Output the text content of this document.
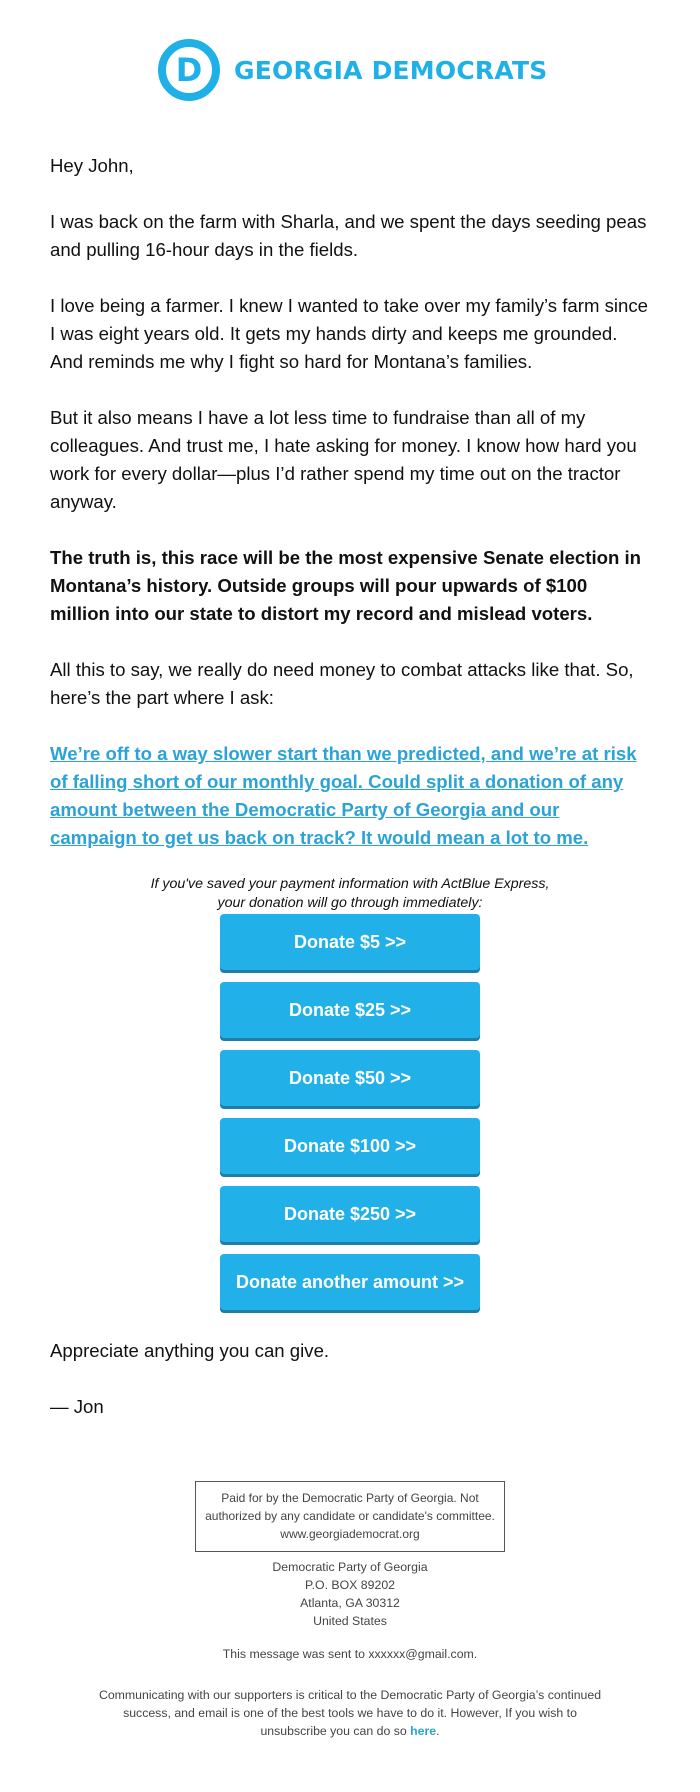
D GEORGIA DEMOCRATS

Hey John,

I was back on the farm with Sharla, and we spent the days seeding peas and pulling 16-hour days in the fields.

I love being a farmer. I knew I wanted to take over my family’s farm since I was eight years old. It gets my hands dirty and keeps me grounded. And reminds me why I fight so hard for Montana’s families.

But it also means I have a lot less time to fundraise than all of my colleagues. And trust me, I hate asking for money. I know how hard you work for every dollar—plus I’d rather spend my time out on the tractor anyway.

The truth is, this race will be the most expensive Senate election in Montana’s history. Outside groups will pour upwards of $100 million into our state to distort my record and mislead voters.

All this to say, we really do need money to combat attacks like that. So, here’s the part where I ask:

We’re off to a way slower start than we predicted, and we’re at risk of falling short of our monthly goal. Could split a donation of any amount between the Democratic Party of Georgia and our campaign to get us back on track? It would mean a lot to me.

If you've saved your payment information with ActBlue Express,
your donation will go through immediately:
Donate $5 >>
Donate $25 >>
Donate $50 >>
Donate $100 >>
Donate $250 >>
Donate another amount >>
Appreciate anything you can give.
— Jon
Paid for by the Democratic Party of Georgia. Not
authorized by any candidate or candidate's committee.
www.georgiademocrat.org
Democratic Party of Georgia
P.O. BOX 89202
Atlanta, GA 30312
United States
This message was sent to xxxxxx@gmail.com.
Communicating with our supporters is critical to the Democratic Party of Georgia’s continued success, and email is one of the best tools we have to do it. However, If you wish to unsubscribe you can do so here.
